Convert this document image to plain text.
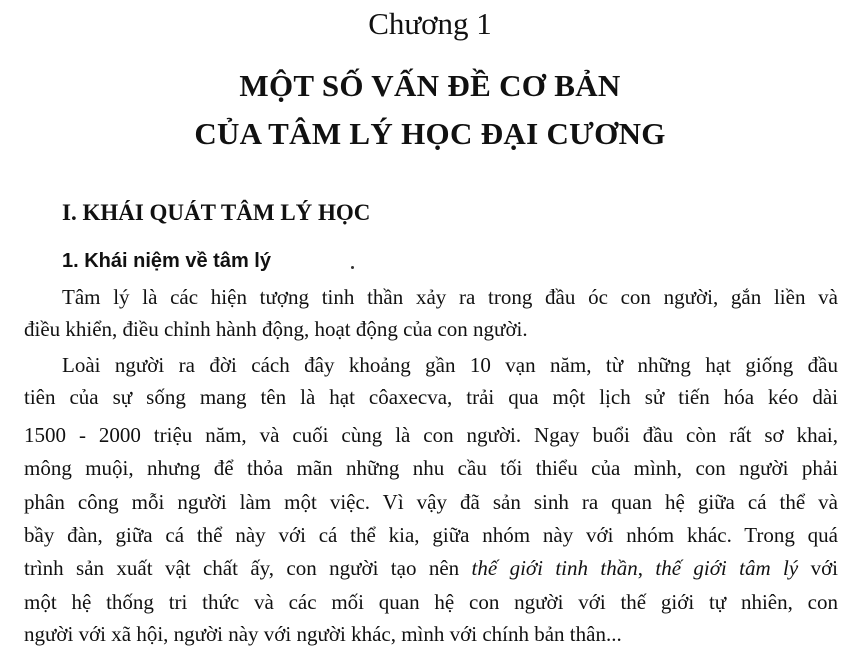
Chương 1
MỘT SỐ VẤN ĐỀ CƠ BẢN
CỦA TÂM LÝ HỌC ĐẠI CƯƠNG
I. KHÁI QUÁT TÂM LÝ HỌC
1. Khái niệm về tâm lý
Tâm lý là các hiện tượng tinh thần xảy ra trong đầu óc con người, gắn liền và
điều khiển, điều chỉnh hành động, hoạt động của con người.
Loài người ra đời cách đây khoảng gần 10 vạn năm, từ những hạt giống đầu
tiên của sự sống mang tên là hạt côaxecva, trải qua một lịch sử tiến hóa kéo dài
1500 - 2000 triệu năm, và cuối cùng là con người. Ngay buổi đầu còn rất sơ khai,
mông muội, nhưng để thỏa mãn những nhu cầu tối thiểu của mình, con người phải
phân công mỗi người làm một việc. Vì vậy đã sản sinh ra quan hệ giữa cá thể và
bầy đàn, giữa cá thể này với cá thể kia, giữa nhóm này với nhóm khác. Trong quá
trình sản xuất vật chất ấy, con người tạo nên thế giới tinh thần, thế giới tâm lý với
một hệ thống tri thức và các mối quan hệ con người với thế giới tự nhiên, con
người với xã hội, người này với người khác, mình với chính bản thân...
